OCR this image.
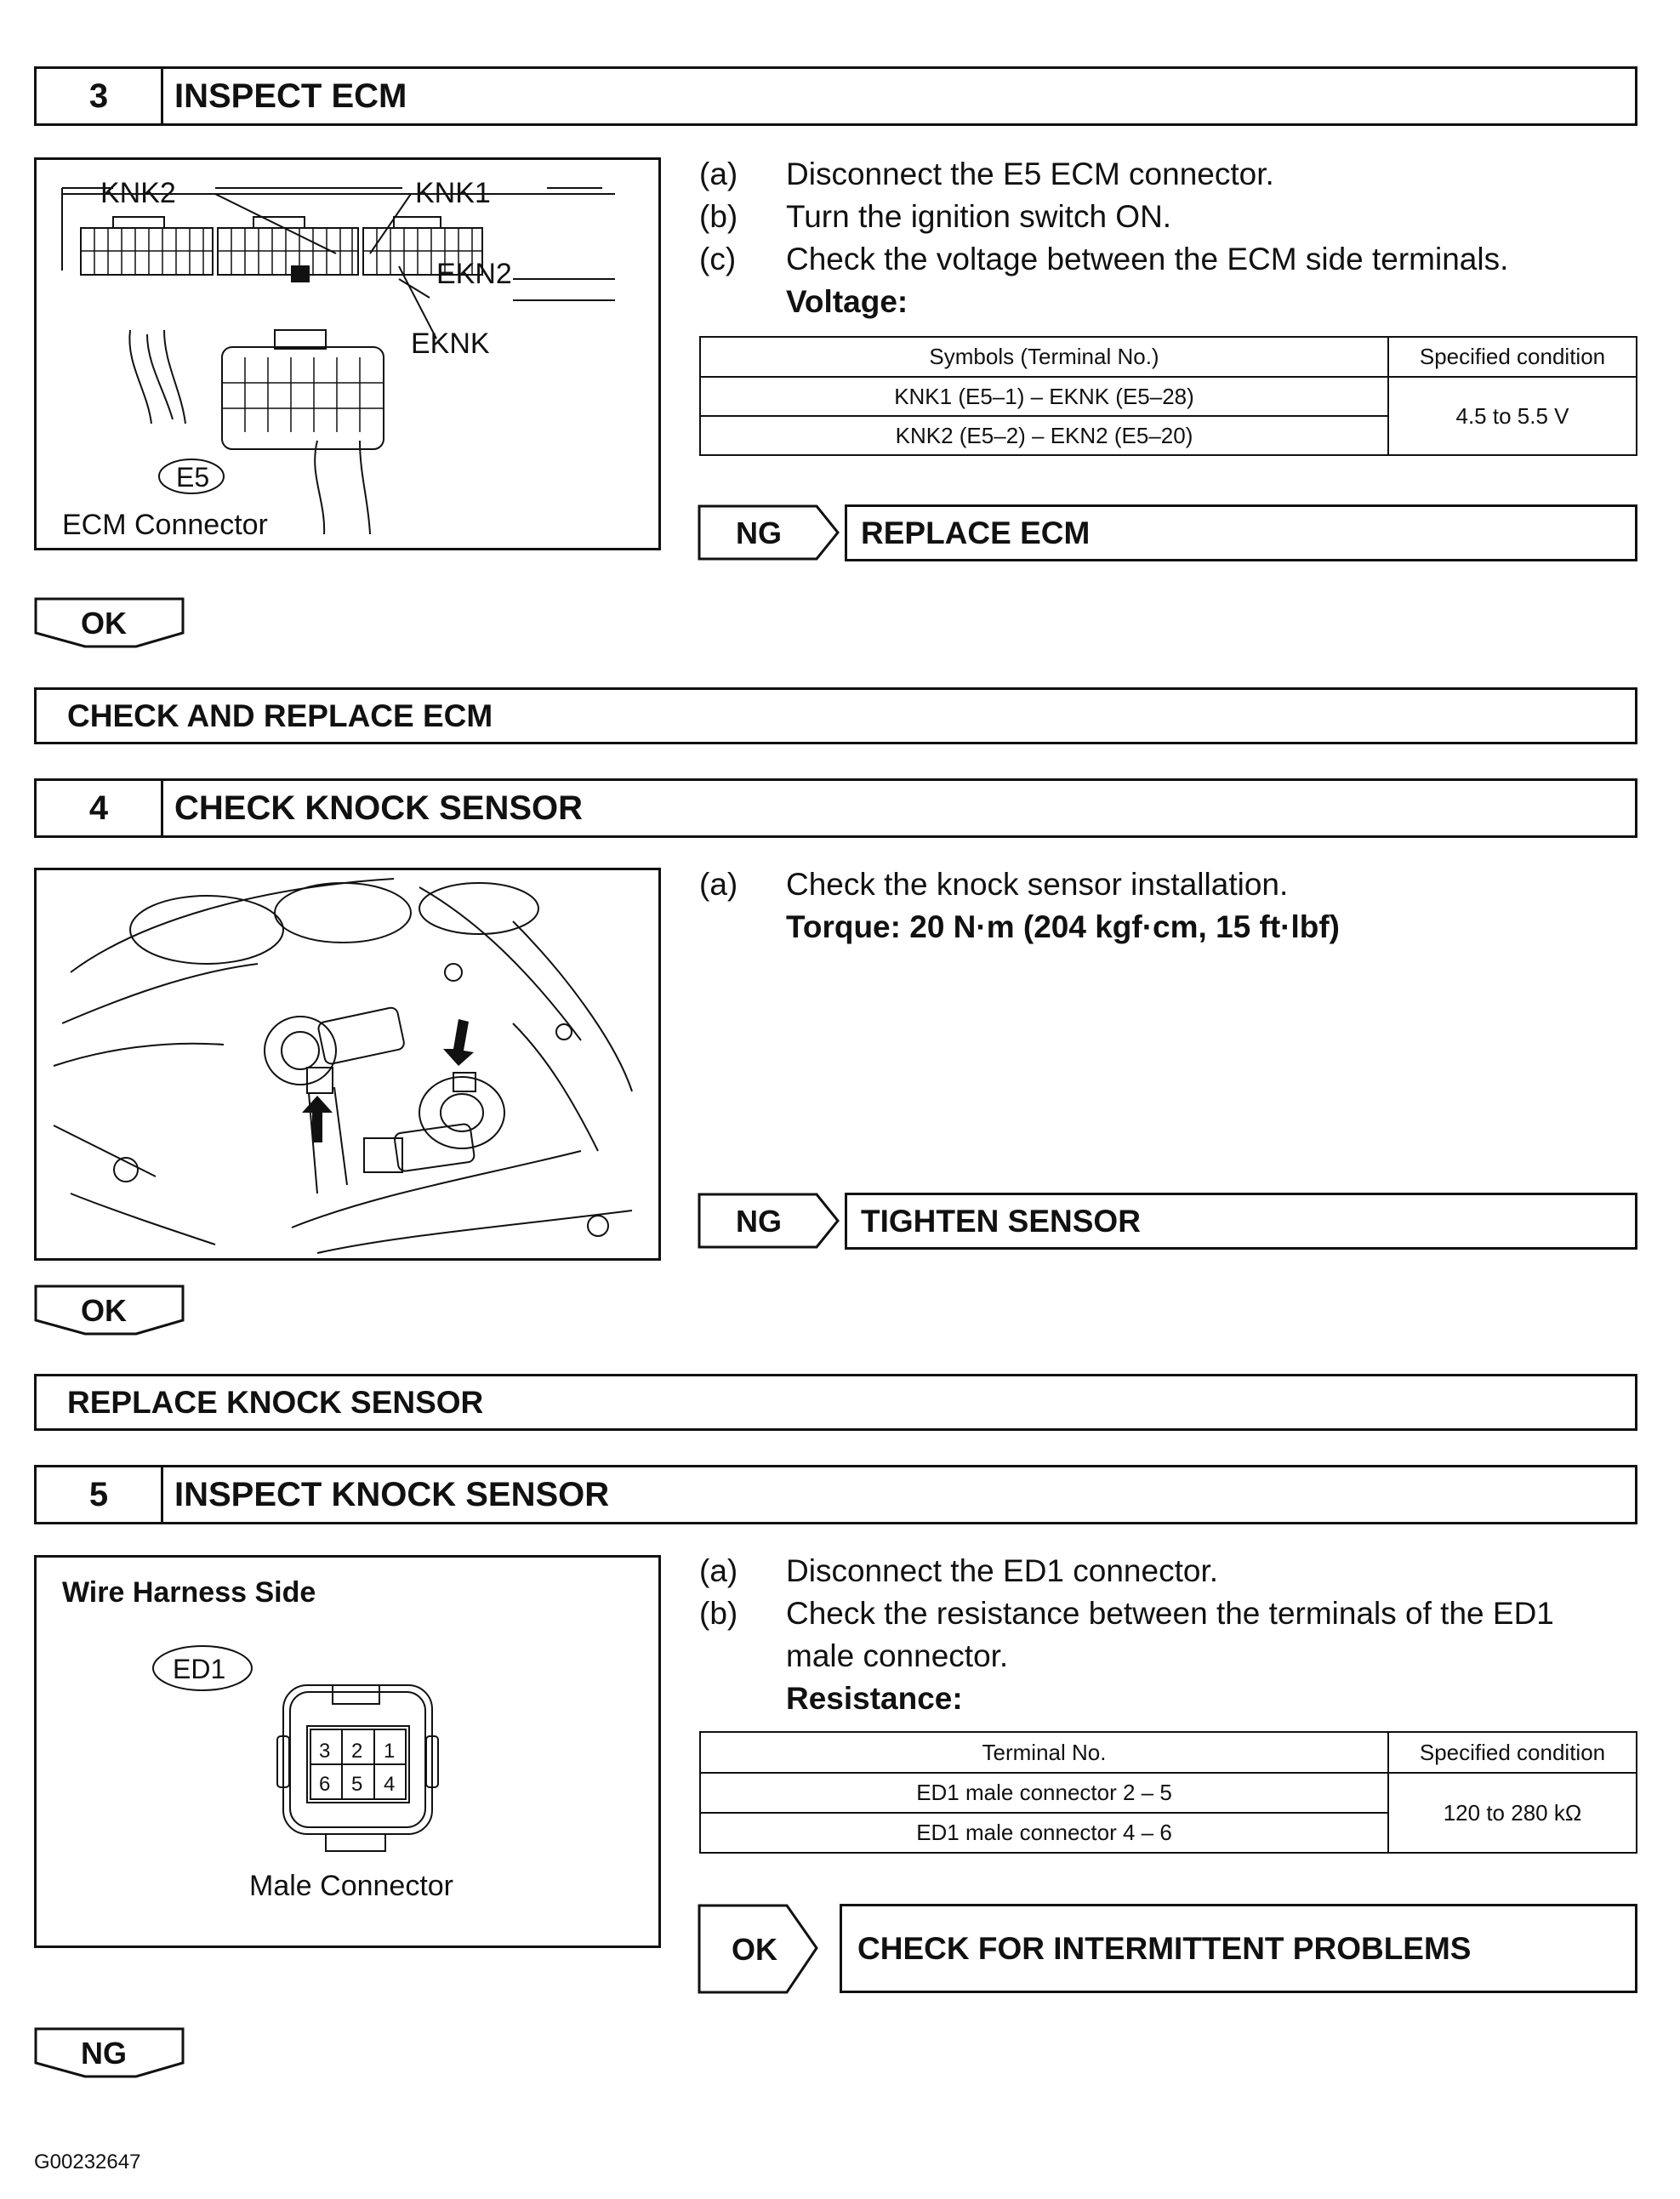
3	INSPECT ECM
KNK2	KNK1
EKN2
EKNK
E5
ECM Connector
(a) Disconnect the E5 ECM connector.
(b) Turn the ignition switch ON.
(c) Check the voltage between the ECM side terminals.
Voltage:
Symbols (Terminal No.)	Specified condition
KNK1 (E5–1) – EKNK (E5–28)	4.5 to 5.5 V
KNK2 (E5–2) – EKN2 (E5–20)	
NG	REPLACE ECM
OK
CHECK AND REPLACE ECM
4	CHECK KNOCK SENSOR
(a) Check the knock sensor installation.
Torque: 20 N·m (204 kgf·cm, 15 ft·lbf)
NG	TIGHTEN SENSOR
OK
REPLACE KNOCK SENSOR
5	INSPECT KNOCK SENSOR
Wire Harness Side
ED1
3 2 1
6 5 4
Male Connector
(a) Disconnect the ED1 connector.
(b) Check the resistance between the terminals of the ED1
male connector.
Resistance:
Terminal No.	Specified condition
ED1 male connector 2 – 5	120 to 280 kΩ
ED1 male connector 4 – 6	
OK	CHECK FOR INTERMITTENT PROBLEMS
NG
G00232647
